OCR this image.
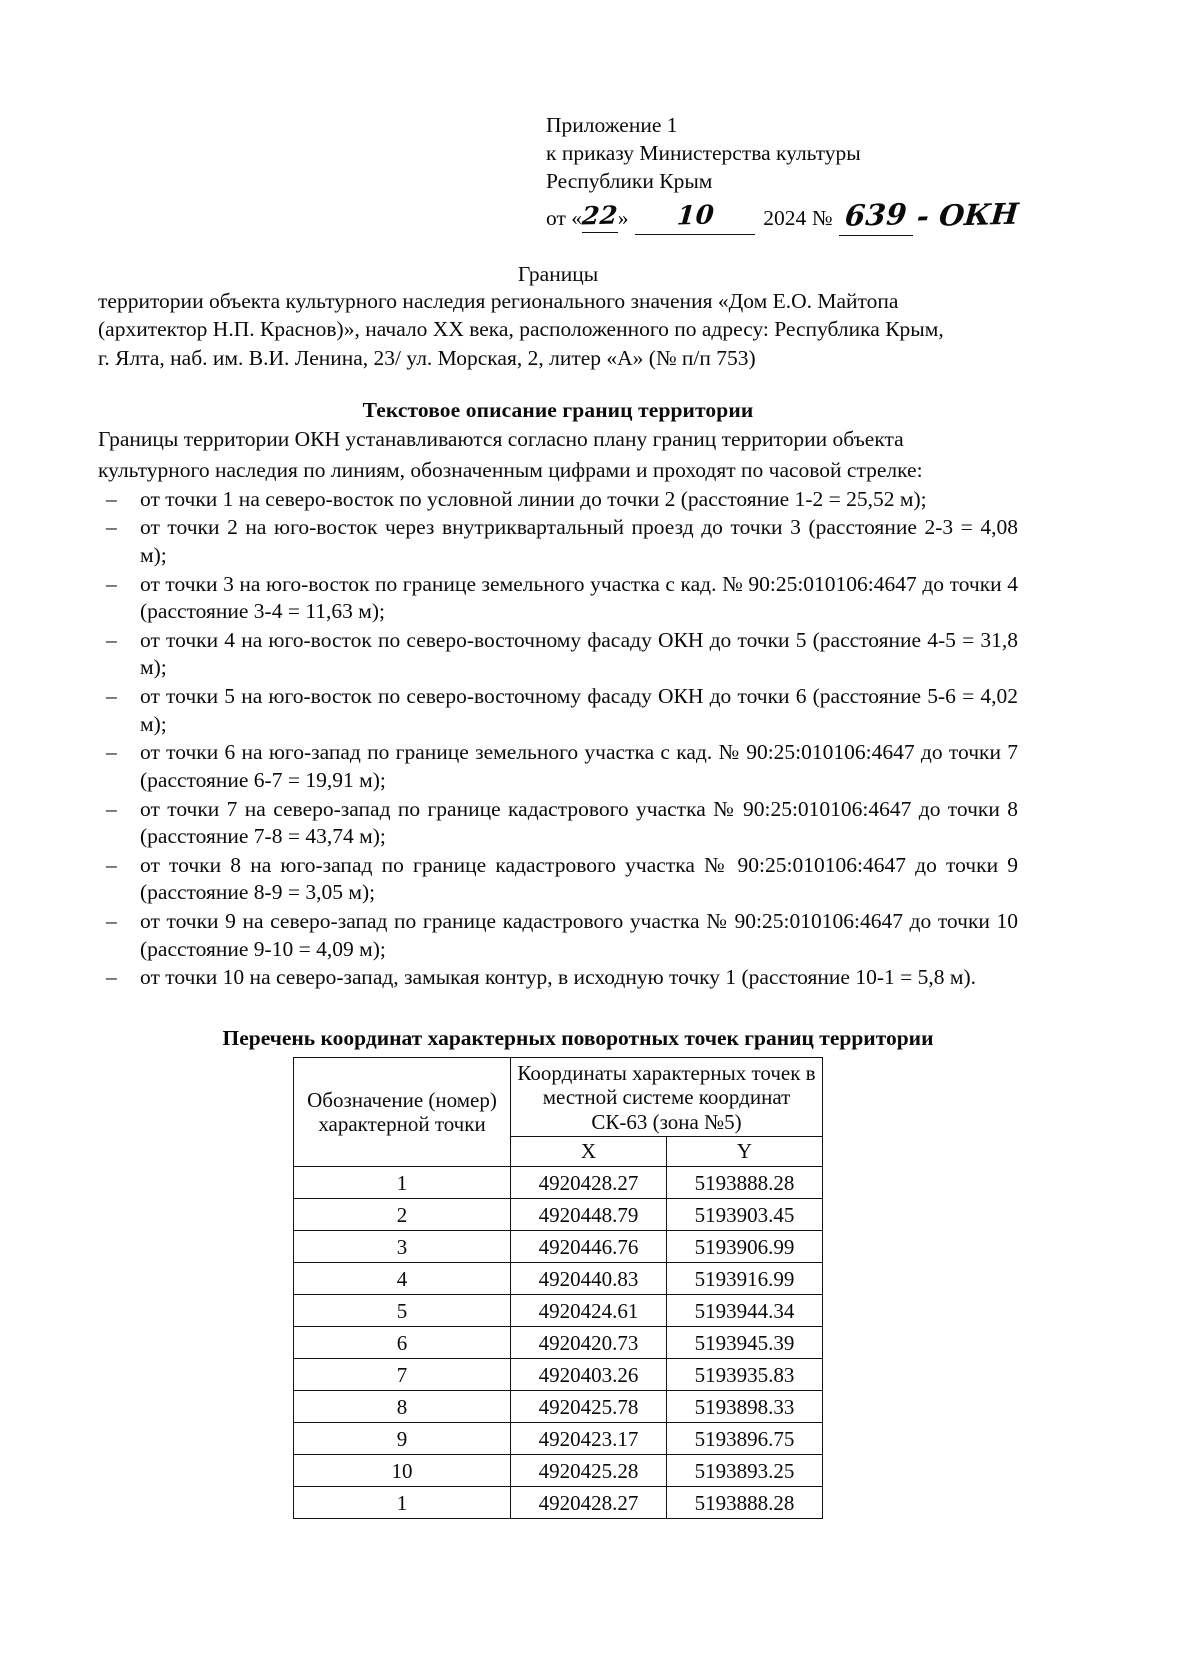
Приложение 1
к приказу Министерства культуры
Республики Крым
от «
22
»	10	2024 № 639 - ОКН
Границы
территории объекта культурного наследия регионального значения «Дом Е.О. Майтопа
(архитектор Н.П. Краснов)», начало XX века, расположенного по адресу: Республика Крым,
г. Ялта, наб. им. В.И. Ленина, 23/ ул. Морская, 2, литер «А» (№ п/п 753)
Текстовое описание границ территории
Границы территории ОКН устанавливаются согласно плану границ территории объекта
культурного наследия по линиям, обозначенным цифрами и проходят по часовой стрелке:
– от точки 1 на северо-восток по условной линии до точки 2 (расстояние 1-2 = 25,52 м);
– от точки 2 на юго-восток через внутриквартальный проезд до точки 3 (расстояние 2-3 = 4,08 м);
– от точки 3 на юго-восток по границе земельного участка с кад. № 90:25:010106:4647 до точки 4 (расстояние 3-4 = 11,63 м);
– от точки 4 на юго-восток по северо-восточному фасаду ОКН до точки 5 (расстояние 4-5 = 31,8 м);
– от точки 5 на юго-восток по северо-восточному фасаду ОКН до точки 6 (расстояние 5-6 = 4,02 м);
– от точки 6 на юго-запад по границе земельного участка с кад. № 90:25:010106:4647 до точки 7 (расстояние 6-7 = 19,91 м);
– от точки 7 на северо-запад по границе кадастрового участка № 90:25:010106:4647 до точки 8 (расстояние 7-8 = 43,74 м);
– от точки 8 на юго-запад по границе кадастрового участка № 90:25:010106:4647 до точки 9 (расстояние 8-9 = 3,05 м);
– от точки 9 на северо-запад по границе кадастрового участка № 90:25:010106:4647 до точки 10 (расстояние 9-10 = 4,09 м);
– от точки 10 на северо-запад, замыкая контур, в исходную точку 1 (расстояние 10-1 = 5,8 м).
Перечень координат характерных поворотных точек границ территории
Обозначение (номер) характерной точки	Координаты характерных точек в местной системе координат СК-63 (зона №5)	
	X	Y
1	4920428.27	5193888.28
2	4920448.79	5193903.45
3	4920446.76	5193906.99
4	4920440.83	5193916.99
5	4920424.61	5193944.34
6	4920420.73	5193945.39
7	4920403.26	5193935.83
8	4920425.78	5193898.33
9	4920423.17	5193896.75
10	4920425.28	5193893.25
1	4920428.27	5193888.28
